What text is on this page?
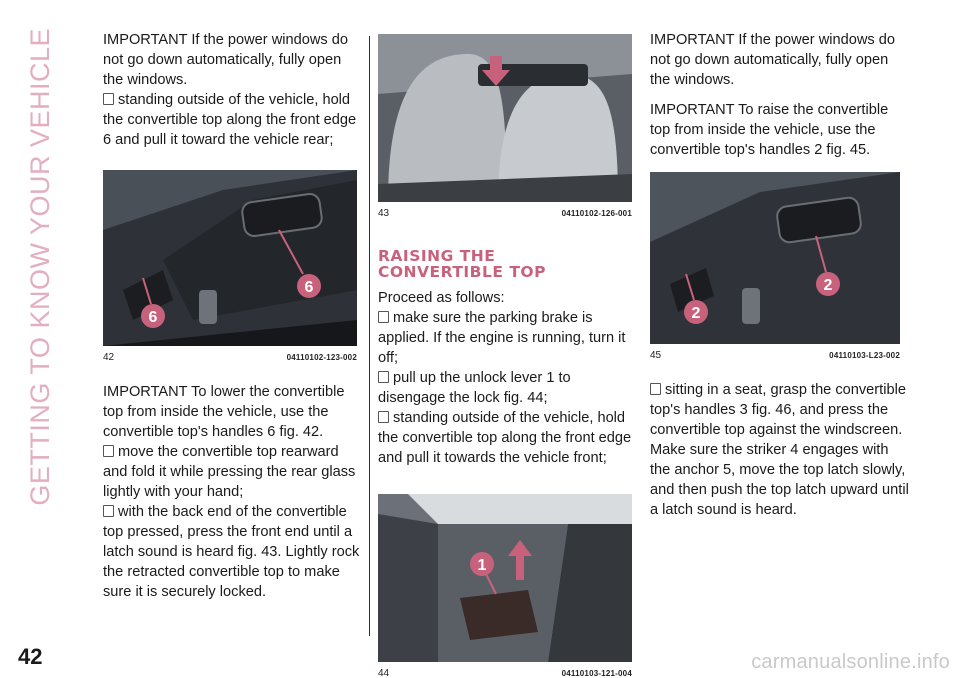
GETTING TO KNOW YOUR VEHICLE	IMPORTANT If the power windows do not go down automatically, fully open the windows.

standing outside of the vehicle, hold the convertible top along the front edge 6 and pull it toward the vehicle rear;

6
6
42	04110102-123-002

IMPORTANT To lower the convertible top from inside the vehicle, use the convertible top's handles 6 fig. 42.

move the convertible top rearward and fold it while pressing the rear glass lightly with your hand;

with the back end of the convertible top pressed, press the front end until a latch sound is heard fig. 43. Lightly rock the retracted convertible top to make sure it is securely locked.

43	04110102-126-001
RAISING THE CONVERTIBLE TOP

Proceed as follows:

make sure the parking brake is applied. If the engine is running, turn it off;

pull up the unlock lever 1 to disengage the lock fig. 44;

standing outside of the vehicle, hold the convertible top along the front edge and pull it towards the vehicle front;

1
44	04110103-121-004

IMPORTANT If the power windows do not go down automatically, fully open the windows.

IMPORTANT To raise the convertible top from inside the vehicle, use the convertible top's handles 2 fig. 45.

2
2
45	04110103-L23-002

sitting in a seat, grasp the convertible top's handles 3 fig. 46, and press the convertible top against the windscreen. Make sure the striker 4 engages with the anchor 5, move the top latch slowly, and then push the top latch upward until a latch sound is heard.

42	carmanualsonline.info
